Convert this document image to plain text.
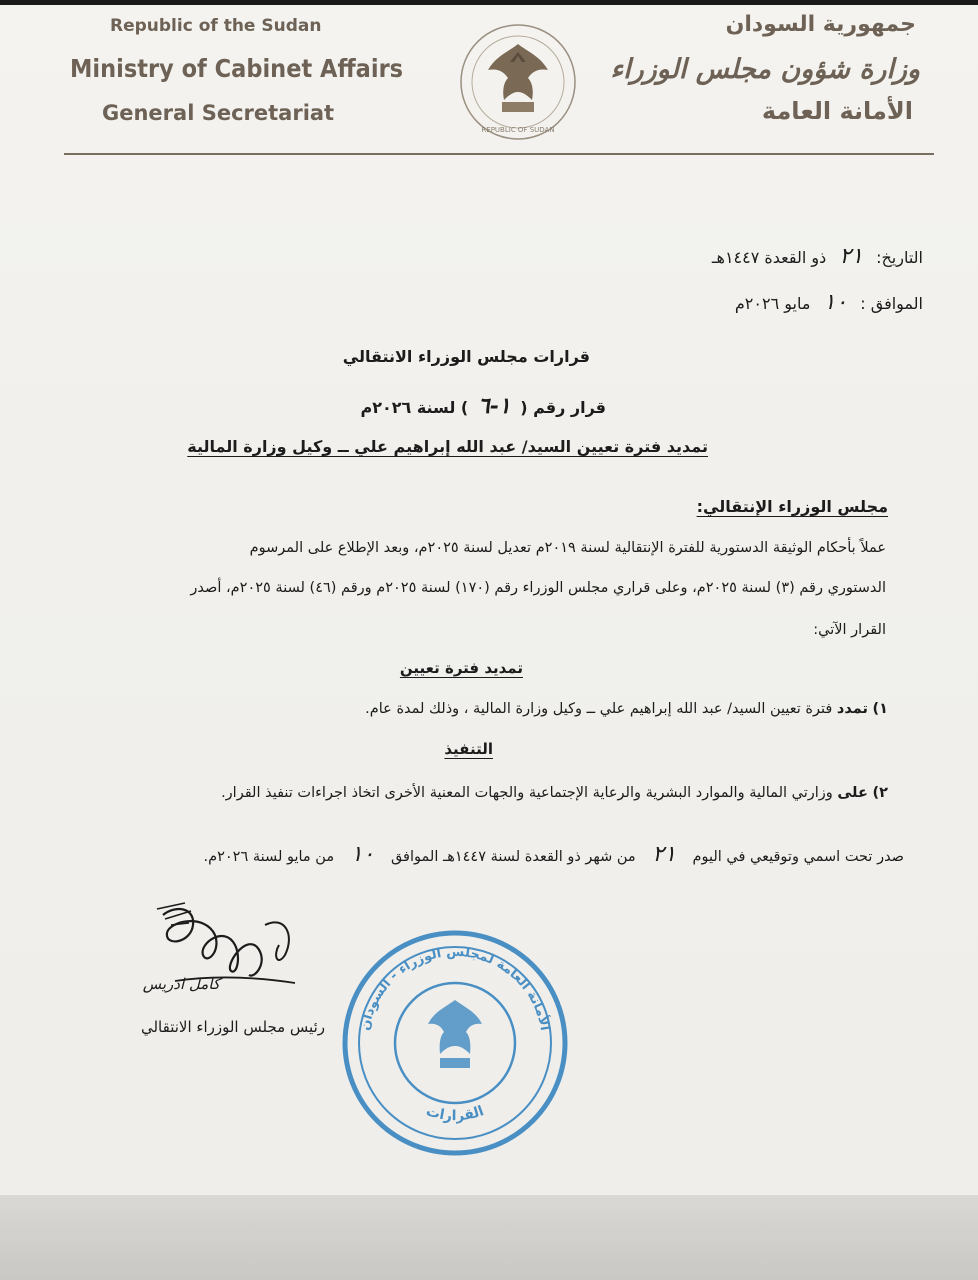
Republic of the Sudan
Ministry of Cabinet Affairs
General Secretariat
REPUBLIC OF SUDAN
جمهورية السودان
وزارة شؤون مجلس الوزراء
الأمانة العامة
التاريخ: ٢١ ذو القعدة ١٤٤٧هـ
الموافق : ١٠ مايو ٢٠٢٦م
قرارات مجلس الوزراء الانتقالي
قرار رقم ( ١-٦ ) لسنة ٢٠٢٦م
تمديد فترة تعيين السيد/ عبد الله إبراهيم علي ــ وكيل وزارة المالية
مجلس الوزراء الإنتقالي:
عملاً بأحكام الوثيقة الدستورية للفترة الإنتقالية لسنة ٢٠١٩م تعديل لسنة ٢٠٢٥م، وبعد الإطلاع على المرسوم
الدستوري رقم (٣) لسنة ٢٠٢٥م، وعلى قراري مجلس الوزراء رقم (١٧٠) لسنة ٢٠٢٥م ورقم (٤٦) لسنة ٢٠٢٥م، أصدر
القرار الآتي:
تمديد فترة تعيين
١) تمدد فترة تعيين السيد/ عبد الله إبراهيم علي ــ وكيل وزارة المالية ، وذلك لمدة عام.
التنفيذ
٢) على وزارتي المالية والموارد البشرية والرعاية الإجتماعية والجهات المعنية الأخرى اتخاذ اجراءات تنفيذ القرار.
صدر تحت اسمي وتوقيعي في اليوم ٢١ من شهر ذو القعدة لسنة ١٤٤٧هـ الموافق ١٠ من مايو لسنة ٢٠٢٦م.
كامل ادريس
رئيس مجلس الوزراء الانتقالي	الأمانة العامة لمجلس الوزراء - السودان
القرارات
